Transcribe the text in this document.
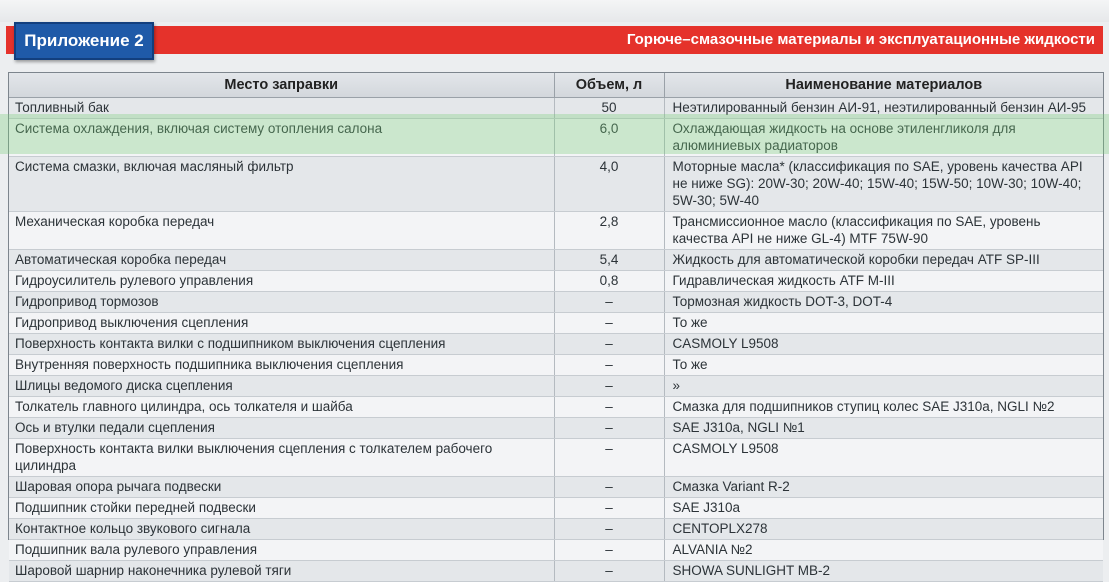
Горюче–смазочные материалы и эксплуатационные жидкости
Приложение 2
Место заправки	Объем, л	Наименование материалов
Топливный бак	50	Неэтилированный бензин АИ-91, неэтилированный бензин АИ-95
Система охлаждения, включая систему отопления салона	6,0	Охлаждающая жидкость на основе этиленгликоля для алюминиевых радиаторов
Система смазки, включая масляный фильтр	4,0	Моторные масла* (классификация по SAE, уровень качества API не ниже SG): 20W-30; 20W-40; 15W-40; 15W-50; 10W-30; 10W-40; 5W-30; 5W-40
Механическая коробка передач	2,8	Трансмиссионное масло (классификация по SAE, уровень качества API не ниже GL-4) MTF 75W-90
Автоматическая коробка передач	5,4	Жидкость для автоматической коробки передач ATF SP-III
Гидроусилитель рулевого управления	0,8	Гидравлическая жидкость ATF M-III
Гидропривод тормозов	–	Тормозная жидкость DOT-3, DOT-4
Гидропривод выключения сцепления	–	То же
Поверхность контакта вилки с подшипником выключения сцепления	–	CASMOLY L9508
Внутренняя поверхность подшипника выключения сцепления	–	То же
Шлицы ведомого диска сцепления	–	»
Толкатель главного цилиндра, ось толкателя и шайба	–	Смазка для подшипников ступиц колес SAE J310a, NGLI №2
Ось и втулки педали сцепления	–	SAE J310a, NGLI №1
Поверхность контакта вилки выключения сцепления с толкателем рабочего цилиндра	–	CASMOLY L9508
Шаровая опора рычага подвески	–	Смазка Variant R-2
Подшипник стойки передней подвески	–	SAE J310a
Контактное кольцо звукового сигнала	–	CENTOPLX278
Подшипник вала рулевого управления	–	ALVANIA №2
Шаровой шарнир наконечника рулевой тяги	–	SHOWA SUNLIGHT MB-2
